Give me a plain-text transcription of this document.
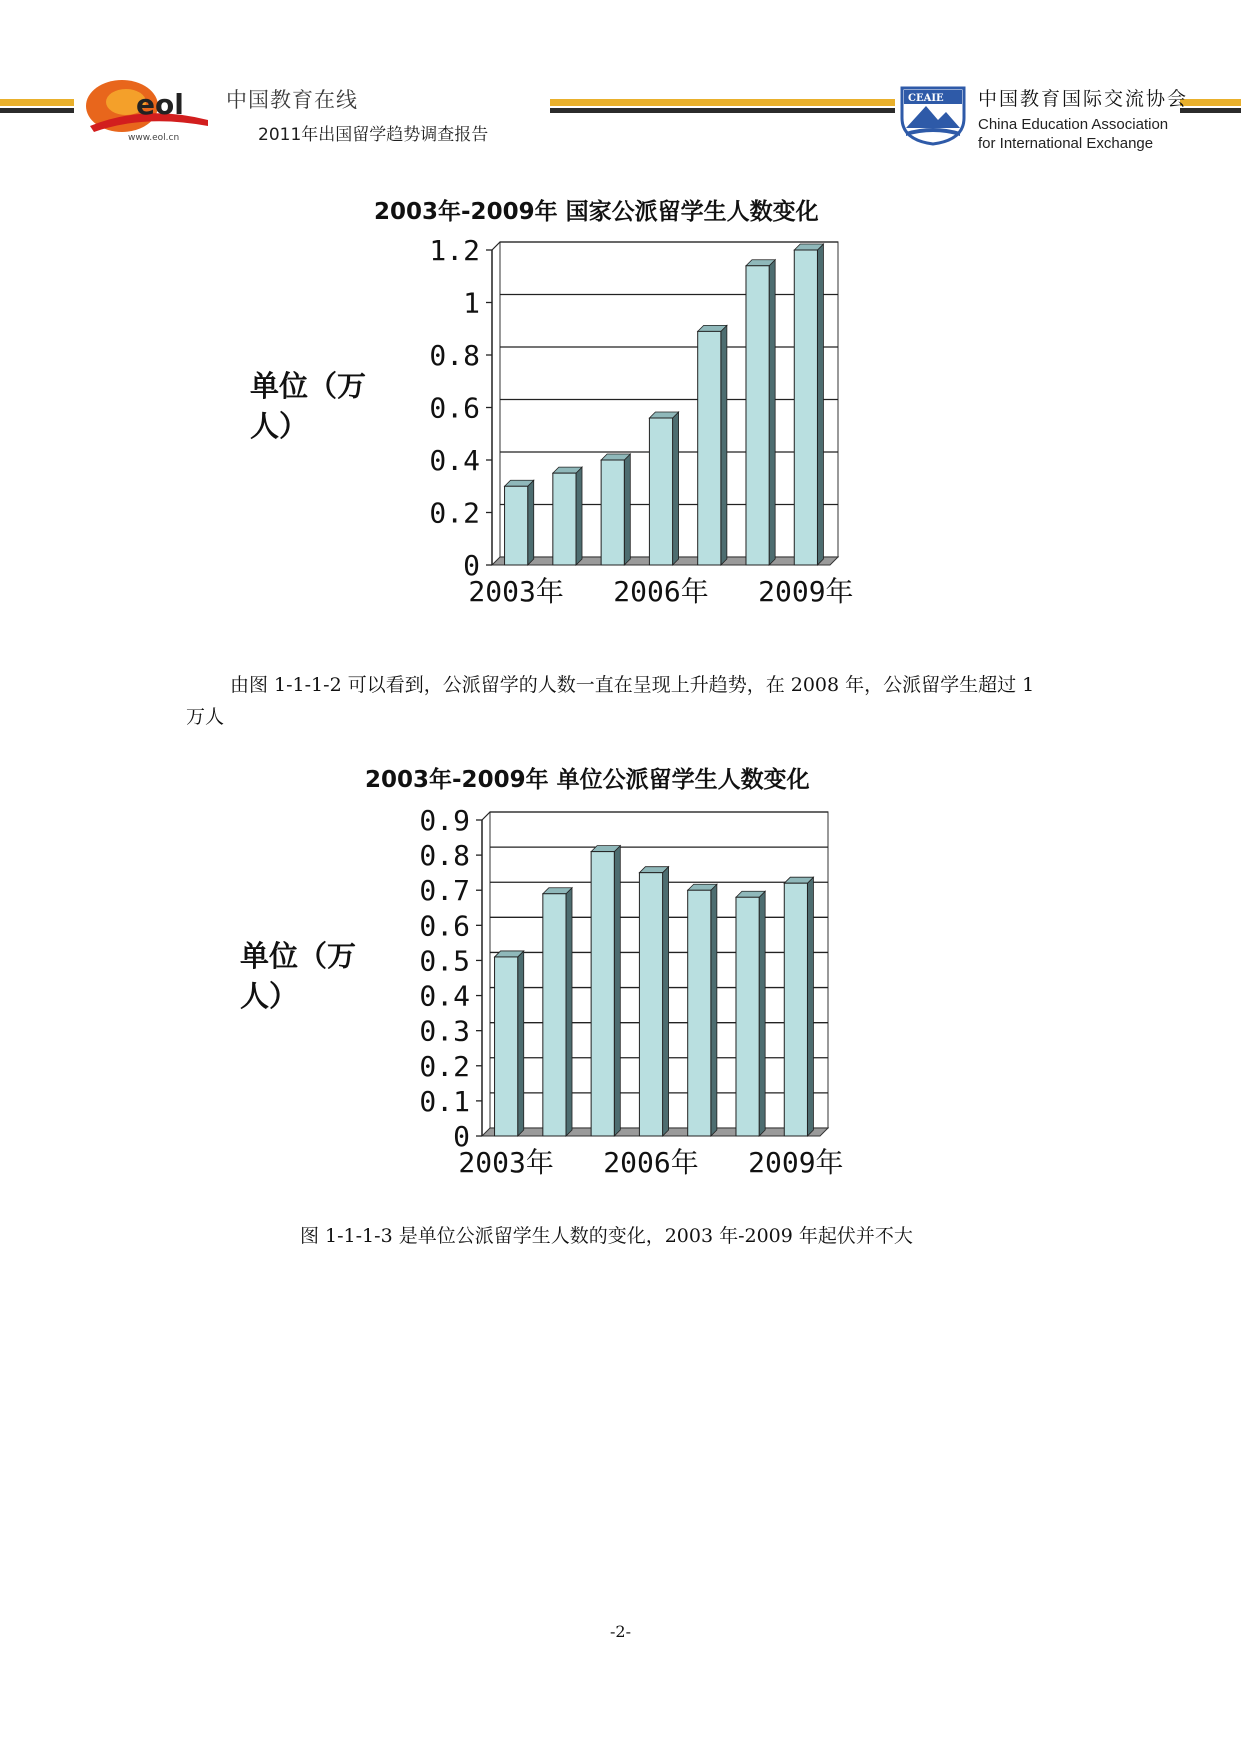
eol
www.eol.cn
中国教育在线
2011年出国留学趋势调查报告
CEAIE 中国教育国际交流协会
China Education Association
for International Exchange
2003年-2009年 国家公派留学生人数变化
单位（万人）
0
0.2
0.4
0.6
0.8
1
1.2
2003年 2006年 2009年
由图 1-1-1-2 可以看到，公派留学的人数一直在呈现上升趋势，在 2008 年，公派留学生超过 1 万人
2003年-2009年 单位公派留学生人数变化
单位（万人）
0
0.1
0.2
0.3
0.4
0.5
0.6
0.7
0.8
0.9
2003年 2006年 2009年
图 1-1-1-3 是单位公派留学生人数的变化，2003 年-2009 年起伏并不大
-2-
